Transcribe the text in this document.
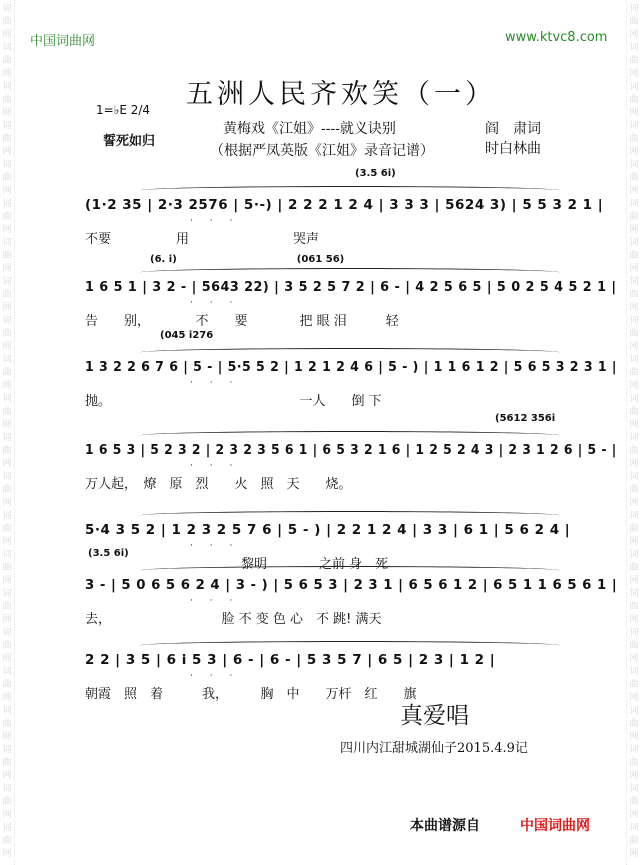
词
曲
网
词
曲
网
词
曲
网
词
曲
网
词
曲
网
词
曲
网
词
曲
网
词
曲
网
词
曲
网
词
曲
网
词
曲
网
词
曲
网
词
曲
网
词
曲
网
词
曲
网
词
曲
网
词
曲
网
词
曲
网
词
曲
网
词
曲
网
词
曲
网
词
曲
网
词
曲
网
词
曲
网
词
曲
网
词
曲
网
词
曲
网
词
曲
网
词
曲
网
词
曲
网
词
曲
网
词
曲
网
词
曲
网
词
曲
网
词
曲
网
词
曲
网
词
曲
网
词
曲
网
词
曲
网
词
曲
网
词
曲
网
词
曲
网
词
曲
网
词
曲
网
中国词曲网	www.ktvc8.com
五洲人民齐欢笑（一）
1=♭E 2/4
誓死如归
黄梅戏《江姐》----就义诀别
（根据严凤英版《江姐》录音记谱）
阎　肃词
时白林曲
(3.5 6i)
(1·2 35 | 2·3 2576 | 5·-) | 2 2 2 1 2 4 | 3 3 3 | 5624 3) | 5 5 3 2 1 |
· · ·
不要　　　　　用　　　　　　　　哭声
(6. i)　　　　　　　　　　　　(061 56)
1 6 5 1 | 3 2 - | 5643 22) | 3 5 2 5 7 2 | 6 - | 4 2 5 6 5 | 5 0 2 5 4 5 2 1 |
· · ·
告　　别，　　　　不　　要　　　　把 眼 泪　　　轻
(045 i276
1 3 2 2 6 7 6 | 5 - | 5·5 5 2 | 1 2 1 2 4 6 | 5 - ) | 1 1 6 1 2 | 5 6 5 3 2 3 1 |
· · ·
抛。　　　　　　　　　　　　　　　一人　　倒 下
(5612 356i
1 6 5 3 | 5 2 3 2 | 2 3 2 3 5 6 1 | 6 5 3 2 1 6 | 1 2 5 2 4 3 | 2 3 1 2 6 | 5 - |
· · ·
万人起，　燎　原　烈　　火　照　天　　烧。
5·4 3 5 2 | 1 2 3 2 5 7 6 | 5 - ) | 2 2 1 2 4 | 3 3 | 6 1 | 5 6 2 4 |
· · ·
　　　　　　　　　　　　黎明　　　　之前 身　死
(3.5 6i)
3 - | 5 0 6 5 6 2 4 | 3 - ) | 5 6 5 3 | 2 3 1 | 6 5 6 1 2 | 6 5 1 1 6 5 6 1 |
· · ·
去，　　　　　　　　　脸 不 变 色 心　不 跳! 满天
2 2 | 3 5 | 6 i 5 3 | 6 - | 6 - | 5 3 5 7 | 6 5 | 2 3 | 1 2 |
· · ·
朝霞　照　着　　　我，　　　胸　中　　万杆　红　　旗
真爱唱
四川内江甜城湖仙子2015.4.9记
本曲谱源自	中国词曲网
